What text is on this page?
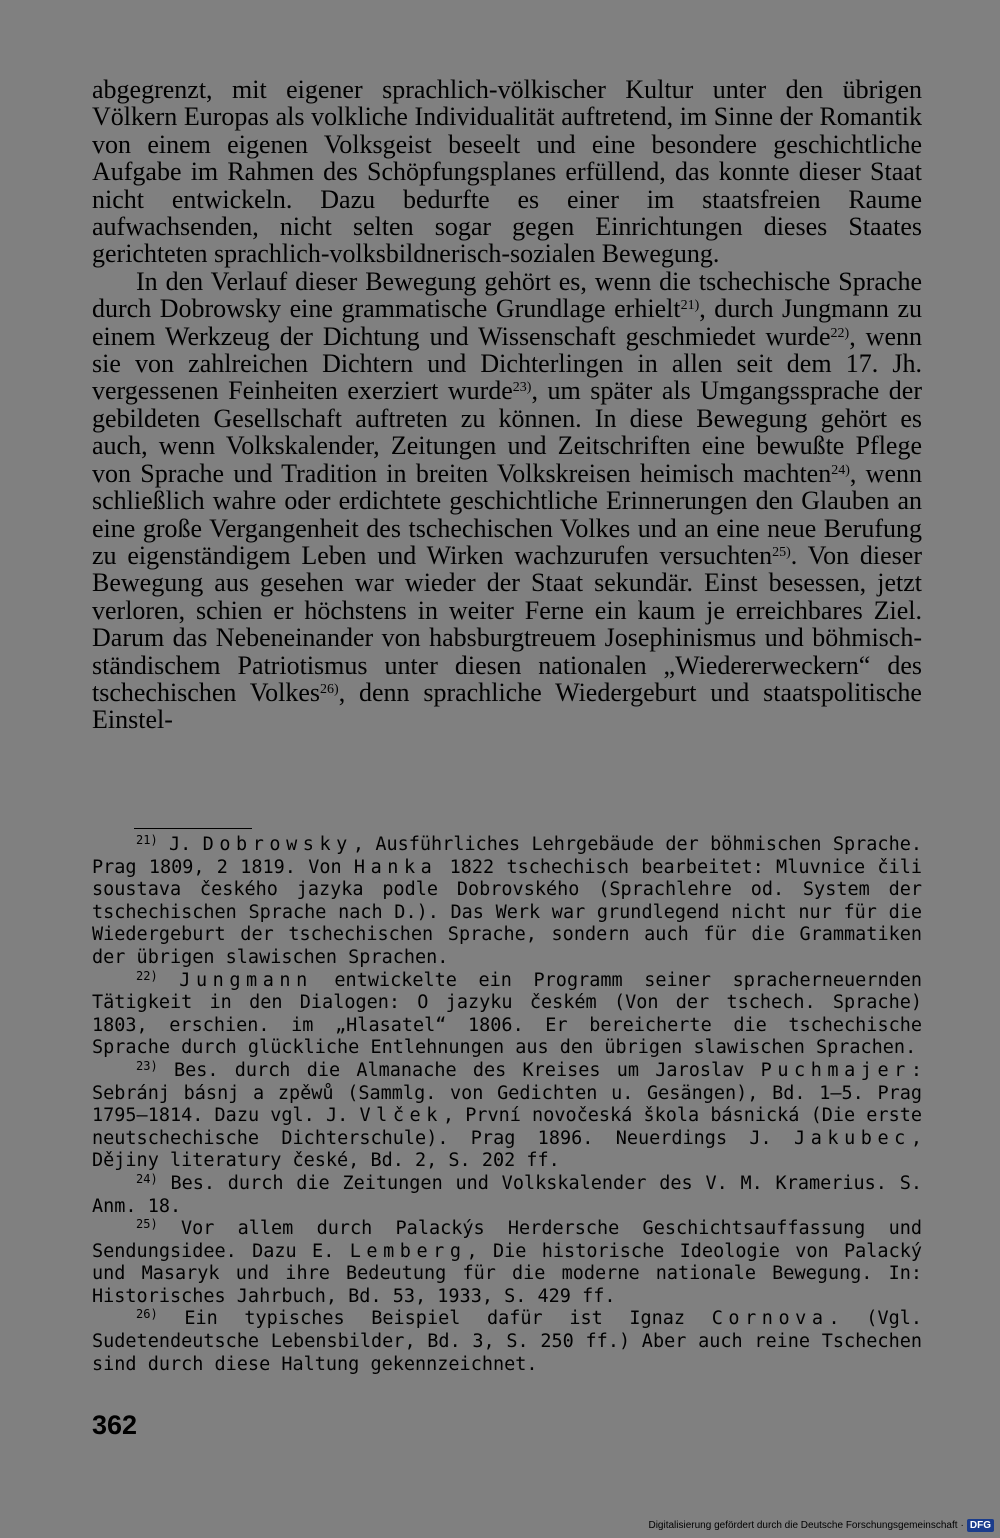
abgegrenzt, mit eigener sprachlich-völkischer Kultur unter den übrigen Völkern Europas als volkliche Individualität auftretend, im Sinne der Romantik von einem eigenen Volksgeist beseelt und eine besondere geschichtliche Aufgabe im Rahmen des Schöpfungsplanes erfüllend, das konnte dieser Staat nicht entwickeln. Dazu bedurfte es einer im staatsfreien Raume aufwachsenden, nicht selten sogar gegen Einrichtungen dieses Staates gerichteten sprachlich-volksbildnerisch-sozialen Bewegung.

In den Verlauf dieser Bewegung gehört es, wenn die tschechische Sprache durch Dobrowsky eine grammatische Grundlage erhielt$^{21)}$, durch Jungmann zu einem Werkzeug der Dichtung und Wissenschaft geschmiedet wurde$^{22)}$, wenn sie von zahlreichen Dichtern und Dichterlingen in allen seit dem 17. Jh. vergessenen Feinheiten exerziert wurde$^{23)}$, um später als Umgangssprache der gebildeten Gesellschaft auftreten zu können. In diese Bewegung gehört es auch, wenn Volkskalender, Zeitungen und Zeitschriften eine bewußte Pflege von Sprache und Tradition in breiten Volkskreisen heimisch machten$^{24)}$, wenn schließlich wahre oder erdichtete geschichtliche Erinnerungen den Glauben an eine große Vergangenheit des tschechischen Volkes und an eine neue Berufung zu eigenständigem Leben und Wirken wachzurufen versuchten$^{25)}$. Von dieser Bewegung aus gesehen war wieder der Staat sekundär. Einst besessen, jetzt verloren, schien er höchstens in weiter Ferne ein kaum je erreichbares Ziel. Darum das Nebeneinander von habsburgtreuem Josephinismus und böhmisch-ständischem Patriotismus unter diesen nationalen „Wiedererweckern“ des tschechischen Volkes$^{26)}$, denn sprachliche Wiedergeburt und staatspolitische Einstel-

$^{21)}$ J. Dobrowsky, Ausführliches Lehrgebäude der böhmischen Sprache. Prag 1809, 2 1819. Von Hanka 1822 tschechisch bearbeitet: Mluvnice čili soustava českého jazyka podle Dobrovského (Sprachlehre od. System der tschechischen Sprache nach D.). Das Werk war grundlegend nicht nur für die Wiedergeburt der tschechischen Sprache, sondern auch für die Grammatiken der übrigen slawischen Sprachen.

$^{22)}$ Jungmann entwickelte ein Programm seiner spracherneuernden Tätigkeit in den Dialogen: O jazyku českém (Von der tschech. Sprache) 1803, erschien. im „Hlasatel“ 1806. Er bereicherte die tschechische Sprache durch glückliche Entlehnungen aus den übrigen slawischen Sprachen.

$^{23)}$ Bes. durch die Almanache des Kreises um Jaroslav Puchmajer: Sebránj básnj a zpěwů (Sammlg. von Gedichten u. Gesängen), Bd. 1—5. Prag 1795—1814. Dazu vgl. J. Vlček, První novočeská škola básnická (Die erste neutschechische Dichterschule). Prag 1896. Neuerdings J. Jakubec, Dějiny literatury české, Bd. 2, S. 202 ff.

$^{24)}$ Bes. durch die Zeitungen und Volkskalender des V. M. Kramerius. S. Anm. 18.

$^{25)}$ Vor allem durch Palackýs Herdersche Geschichtsauffassung und Sendungsidee. Dazu E. Lemberg, Die historische Ideologie von Palacký und Masaryk und ihre Bedeutung für die moderne nationale Bewegung. In: Historisches Jahrbuch, Bd. 53, 1933, S. 429 ff.

$^{26)}$ Ein typisches Beispiel dafür ist Ignaz Cornova. (Vgl. Sudetendeutsche Lebensbilder, Bd. 3, S. 250 ff.) Aber auch reine Tschechen sind durch diese Haltung gekennzeichnet.

362
Digitalisierung gefördert durch die Deutsche Forschungsgemeinschaft · DFG
